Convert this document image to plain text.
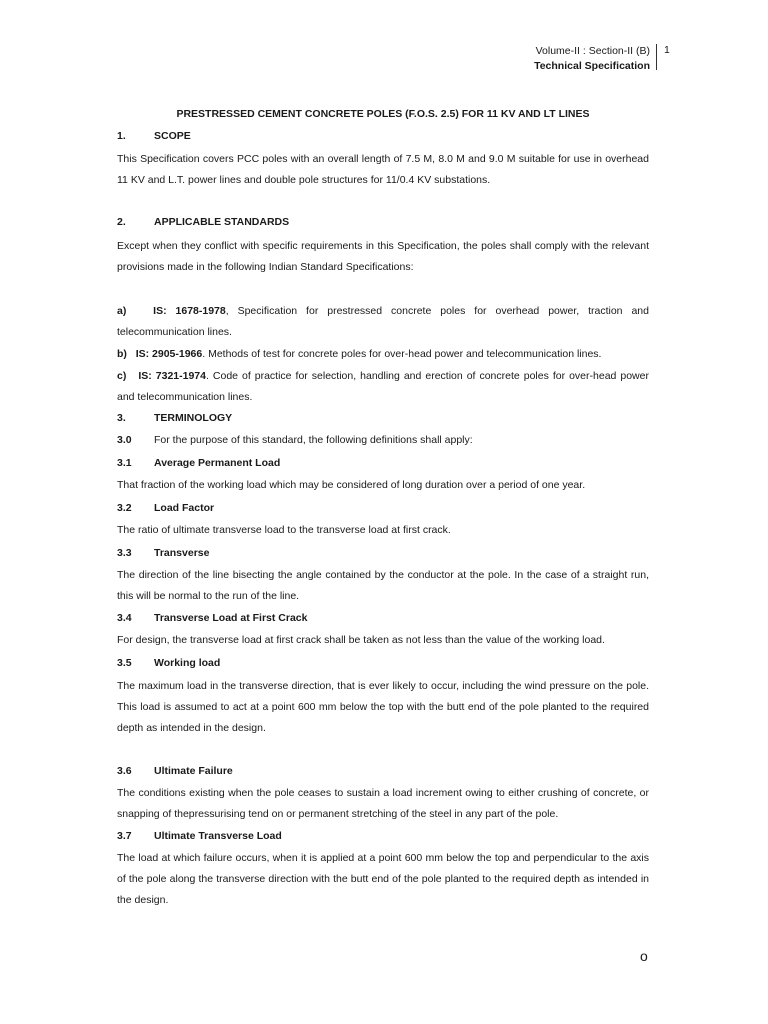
Volume-II : Section-II (B)
Technical Specification
1
PRESTRESSED CEMENT CONCRETE POLES (F.O.S. 2.5) FOR 11 KV AND LT LINES
1.	SCOPE
This Specification covers PCC poles with an overall length of 7.5 M, 8.0 M and 9.0 M suitable for use in overhead 11 KV and L.T. power lines and double pole structures for 11/0.4 KV substations.
2.	APPLICABLE STANDARDS
Except when they conflict with specific requirements in this Specification, the poles shall comply with the relevant provisions made in the following Indian Standard Specifications:
a)	IS: 1678-1978, Specification for prestressed concrete poles for overhead power, traction and telecommunication lines.
b) IS: 2905-1966. Methods of test for concrete poles for over-head power and telecommunication lines.
c) IS: 7321-1974. Code of practice for selection, handling and erection of concrete poles for over-head power and telecommunication lines.
3.	TERMINOLOGY
3.0 For the purpose of this standard, the following definitions shall apply:
3.1 Average Permanent Load
That fraction of the working load which may be considered of long duration over a period of one year.
3.2 Load Factor
The ratio of ultimate transverse load to the transverse load at first crack.
3.3 Transverse
The direction of the line bisecting the angle contained by the conductor at the pole. In the case of a straight run, this will be normal to the run of the line.
3.4 Transverse Load at First Crack
For design, the transverse load at first crack shall be taken as not less than the value of the working load.
3.5 Working load
The maximum load in the transverse direction, that is ever likely to occur, including the wind pressure on the pole. This load is assumed to act at a point 600 mm below the top with the butt end of the pole planted to the required depth as intended in the design.
3.6 Ultimate Failure
The conditions existing when the pole ceases to sustain a load increment owing to either crushing of concrete, or snapping of thepressurising tend on or permanent stretching of the steel in any part of the pole.
3.7 Ultimate Transverse Load
The load at which failure occurs, when it is applied at a point 600 mm below the top and perpendicular to the axis of the pole along the transverse direction with the butt end of the pole planted to the required depth as intended in the design.
o
